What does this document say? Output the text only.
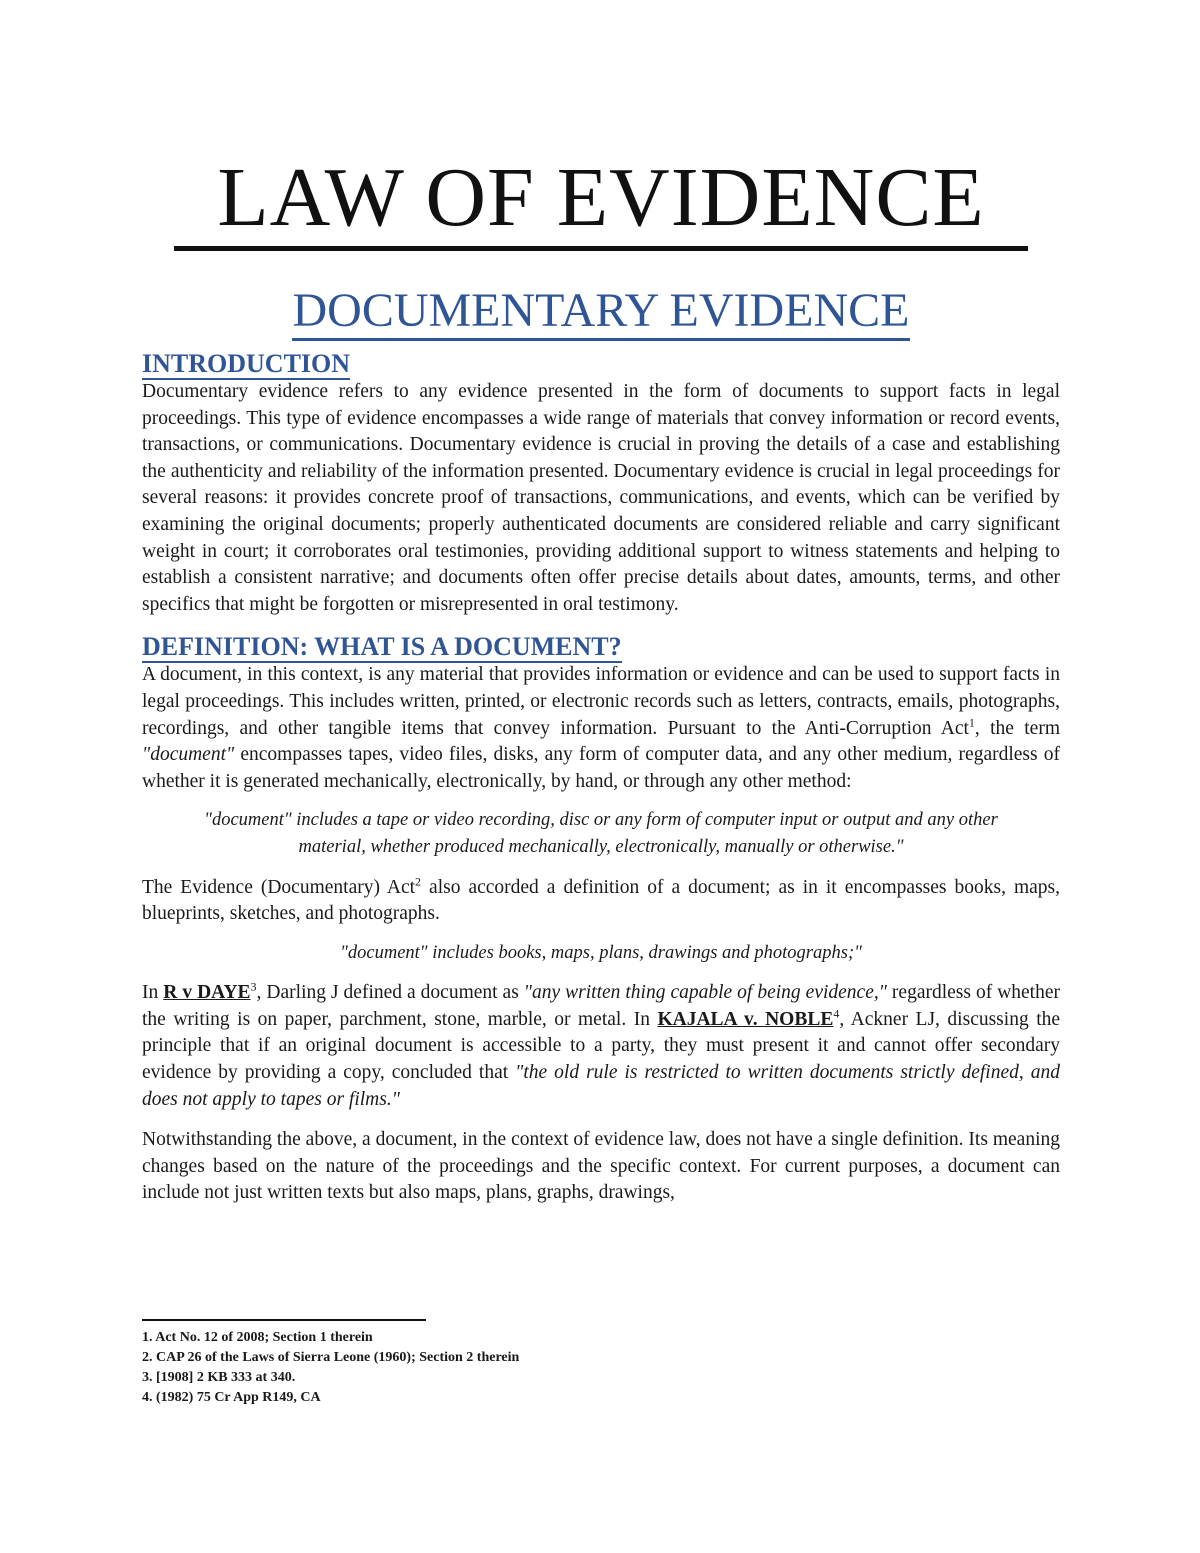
LAW OF EVIDENCE
DOCUMENTARY EVIDENCE
INTRODUCTION

Documentary evidence refers to any evidence presented in the form of documents to support facts in legal proceedings. This type of evidence encompasses a wide range of materials that convey information or record events, transactions, or communications. Documentary evidence is crucial in proving the details of a case and establishing the authenticity and reliability of the information presented. Documentary evidence is crucial in legal proceedings for several reasons: it provides concrete proof of transactions, communications, and events, which can be verified by examining the original documents; properly authenticated documents are considered reliable and carry significant weight in court; it corroborates oral testimonies, providing additional support to witness statements and helping to establish a consistent narrative; and documents often offer precise details about dates, amounts, terms, and other specifics that might be forgotten or misrepresented in oral testimony.

DEFINITION: WHAT IS A DOCUMENT?

A document, in this context, is any material that provides information or evidence and can be used to support facts in legal proceedings. This includes written, printed, or electronic records such as letters, contracts, emails, photographs, recordings, and other tangible items that convey information. Pursuant to the Anti-Corruption Act$^1$, the term "document" encompasses tapes, video files, disks, any form of computer data, and any other medium, regardless of whether it is generated mechanically, electronically, by hand, or through any other method:

"document" includes a tape or video recording, disc or any form of computer input or output and any other material, whether produced mechanically, electronically, manually or otherwise."

The Evidence (Documentary) Act$^2$ also accorded a definition of a document; as in it encompasses books, maps, blueprints, sketches, and photographs.

"document" includes books, maps, plans, drawings and photographs;"

In R v DAYE$^3$, Darling J defined a document as "any written thing capable of being evidence," regardless of whether the writing is on paper, parchment, stone, marble, or metal. In KAJALA v. NOBLE$^4$, Ackner LJ, discussing the principle that if an original document is accessible to a party, they must present it and cannot offer secondary evidence by providing a copy, concluded that "the old rule is restricted to written documents strictly defined, and does not apply to tapes or films."

Notwithstanding the above, a document, in the context of evidence law, does not have a single definition. Its meaning changes based on the nature of the proceedings and the specific context. For current purposes, a document can include not just written texts but also maps, plans, graphs, drawings,

1. Act No. 12 of 2008; Section 1 therein
2. CAP 26 of the Laws of Sierra Leone (1960); Section 2 therein
3. [1908] 2 KB 333 at 340.
4. (1982) 75 Cr App R149, CA
